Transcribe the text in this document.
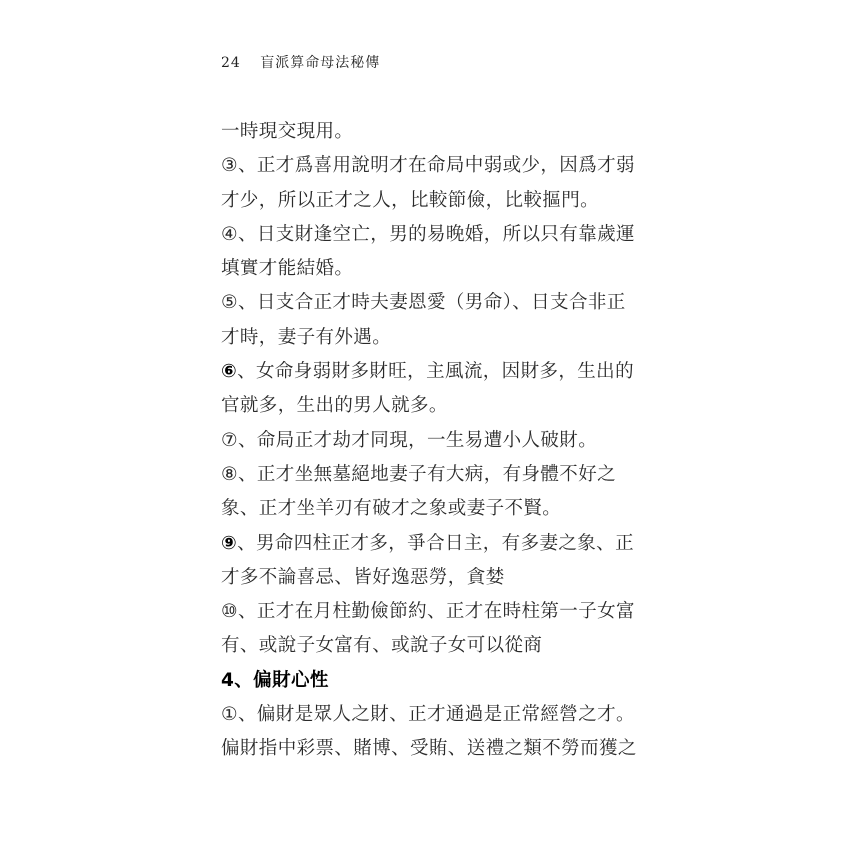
24 盲派算命母法秘傳
一時現交現用。
③、正才爲喜用說明才在命局中弱或少，因爲才弱
才少，所以正才之人，比較節儉，比較摳門。
④、日支財逢空亡，男的易晚婚，所以只有靠歲運
填實才能結婚。
⑤、日支合正才時夫妻恩愛（男命）、日支合非正
才時，妻子有外遇。
⑥、女命身弱財多財旺，主風流，因財多，生出的
官就多，生出的男人就多。
⑦、命局正才劫才同現，一生易遭小人破財。
⑧、正才坐無墓絕地妻子有大病，有身體不好之
象、正才坐羊刃有破才之象或妻子不賢。
⑨、男命四柱正才多，爭合日主，有多妻之象、正
才多不論喜忌、皆好逸惡勞，貪婪
⑩、正才在月柱勤儉節約、正才在時柱第一子女富
有、或說子女富有、或說子女可以從商
4、偏財心性
①、偏財是眾人之財、正才通過是正常經營之才。
偏財指中彩票、賭博、受賄、送禮之類不勞而獲之
